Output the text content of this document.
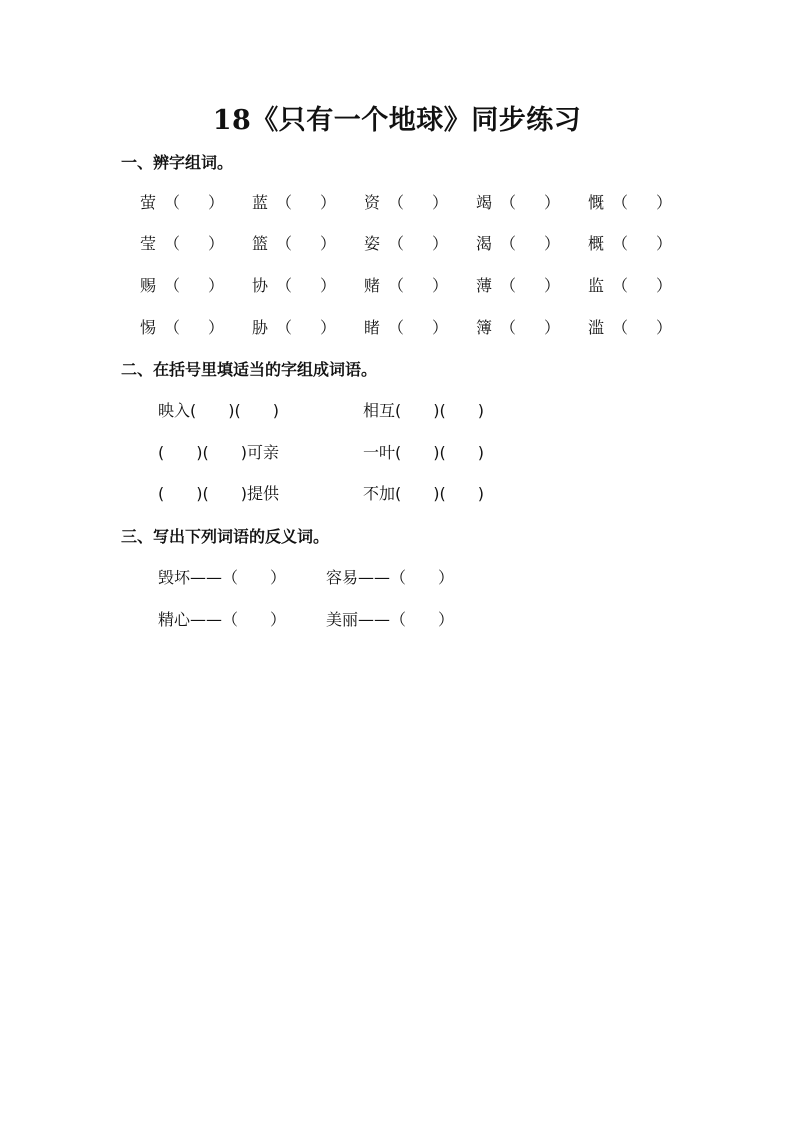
18《只有一个地球》同步练习
一、辨字组词。
萤 （ ） 蓝 （ ） 资 （ ） 竭 （ ） 慨 （ ）
莹 （ ） 篮 （ ） 姿 （ ） 渴 （ ） 概 （ ）
赐 （ ） 协 （ ） 赌 （ ） 薄 （ ） 监 （ ）
惕 （ ） 胁 （ ） 睹 （ ） 簿 （ ） 滥 （ ）
二、在括号里填适当的字组成词语。
映入(　　)(　　)	相互(　　)(　　)
(　　)(　　)可亲	一叶(　　)(　　)
(　　)(　　)提供	不加(　　)(　　)
三、写出下列词语的反义词。
毁坏——（　　） 容易——（　　）
精心——（　　） 美丽——（　　）
